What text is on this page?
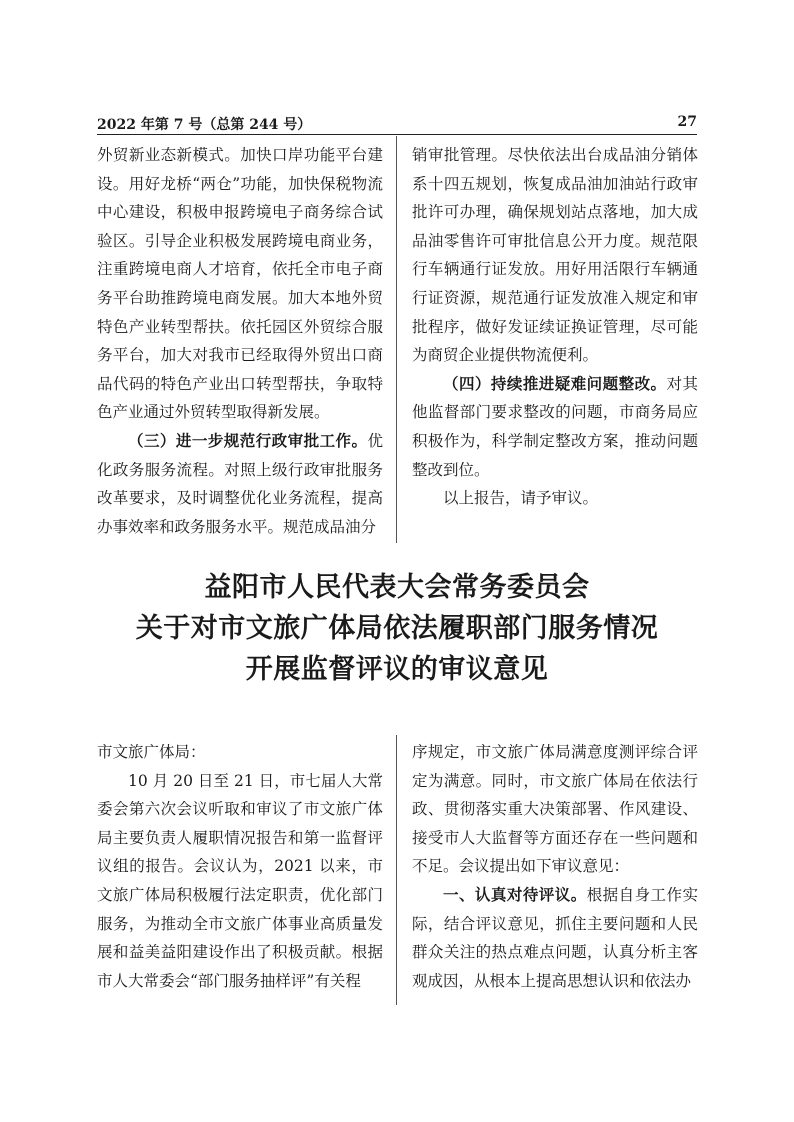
2022 年第 7 号（总第 244 号）	27

外贸新业态新模式。加快口岸功能平台建设。用好龙桥“两仓”功能，加快保税物流中心建设，积极申报跨境电子商务综合试验区。引导企业积极发展跨境电商业务，注重跨境电商人才培育，依托全市电子商务平台助推跨境电商发展。加大本地外贸特色产业转型帮扶。依托园区外贸综合服务平台，加大对我市已经取得外贸出口商品代码的特色产业出口转型帮扶，争取特色产业通过外贸转型取得新发展。

（三）进一步规范行政审批工作。优化政务服务流程。对照上级行政审批服务改革要求，及时调整优化业务流程，提高办事效率和政务服务水平。规范成品油分

销审批管理。尽快依法出台成品油分销体系十四五规划，恢复成品油加油站行政审批许可办理，确保规划站点落地，加大成品油零售许可审批信息公开力度。规范限行车辆通行证发放。用好用活限行车辆通行证资源，规范通行证发放准入规定和审批程序，做好发证续证换证管理，尽可能为商贸企业提供物流便利。

（四）持续推进疑难问题整改。对其他监督部门要求整改的问题，市商务局应积极作为，科学制定整改方案，推动问题整改到位。

以上报告，请予审议。

益阳市人民代表大会常务委员会
关于对市文旅广体局依法履职部门服务情况
开展监督评议的审议意见

市文旅广体局：

10 月 20 日至 21 日，市七届人大常委会第六次会议听取和审议了市文旅广体局主要负责人履职情况报告和第一监督评议组的报告。会议认为，2021 以来，市文旅广体局积极履行法定职责，优化部门服务，为推动全市文旅广体事业高质量发展和益美益阳建设作出了积极贡献。根据市人大常委会“部门服务抽样评”有关程

序规定，市文旅广体局满意度测评综合评定为满意。同时，市文旅广体局在依法行政、贯彻落实重大决策部署、作风建设、接受市人大监督等方面还存在一些问题和不足。会议提出如下审议意见：

一、认真对待评议。根据自身工作实际，结合评议意见，抓住主要问题和人民群众关注的热点难点问题，认真分析主客观成因，从根本上提高思想认识和依法办
